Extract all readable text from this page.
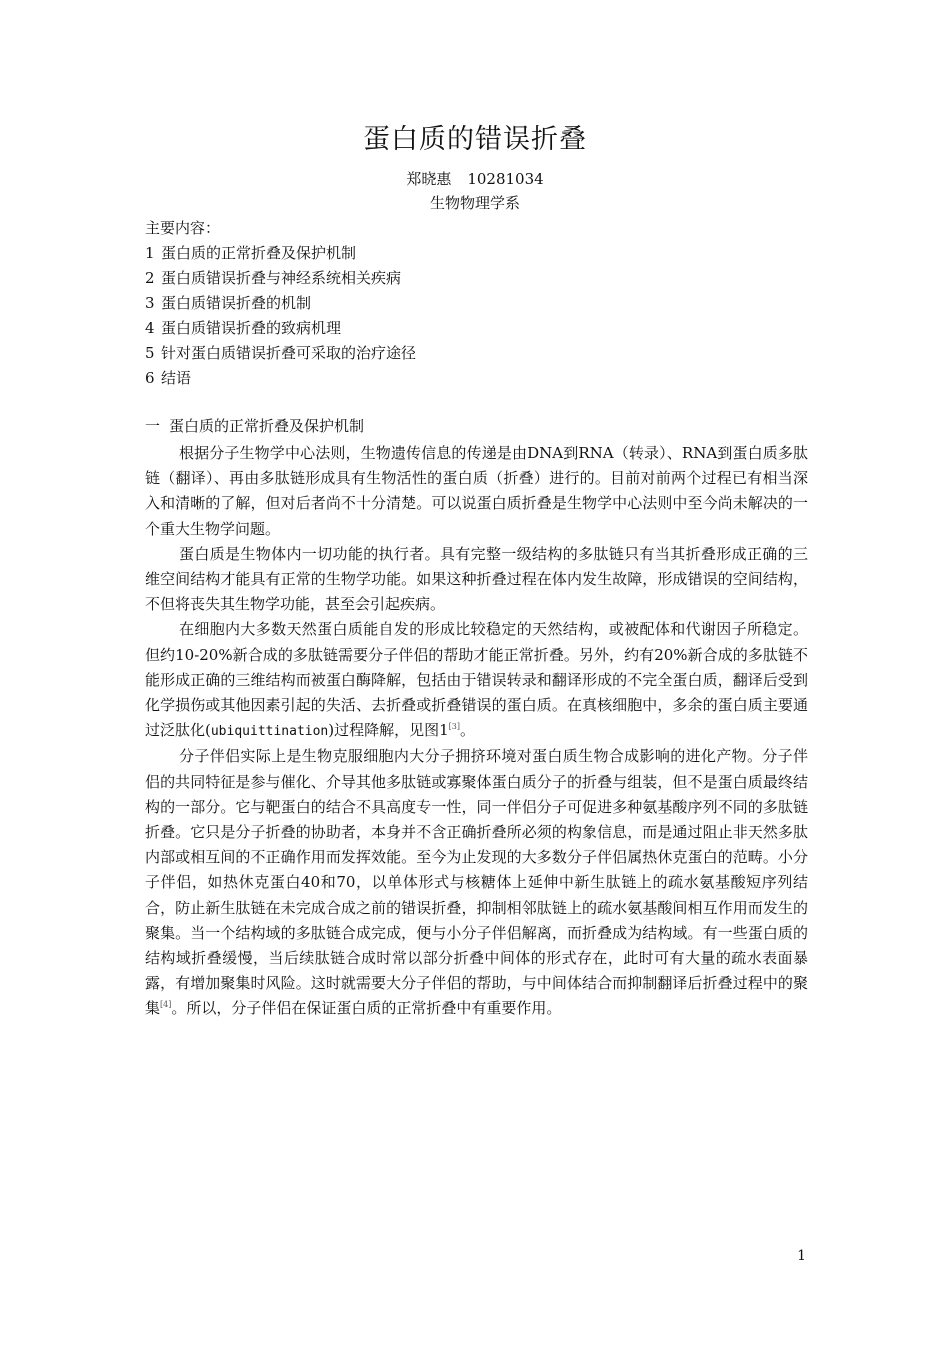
蛋白质的错误折叠
郑晓惠 10281034
生物物理学系
主要内容：
1 蛋白质的正常折叠及保护机制
2 蛋白质错误折叠与神经系统相关疾病
3 蛋白质错误折叠的机制
4 蛋白质错误折叠的致病机理
5 针对蛋白质错误折叠可采取的治疗途径
6 结语
一 蛋白质的正常折叠及保护机制

根据分子生物学中心法则，生物遗传信息的传递是由DNA到RNA（转录）、RNA到蛋白质多肽链（翻译）、再由多肽链形成具有生物活性的蛋白质（折叠）进行的。目前对前两个过程已有相当深入和清晰的了解，但对后者尚不十分清楚。可以说蛋白质折叠是生物学中心法则中至今尚未解决的一个重大生物学问题。

蛋白质是生物体内一切功能的执行者。具有完整一级结构的多肽链只有当其折叠形成正确的三维空间结构才能具有正常的生物学功能。如果这种折叠过程在体内发生故障，形成错误的空间结构，不但将丧失其生物学功能，甚至会引起疾病。

在细胞内大多数天然蛋白质能自发的形成比较稳定的天然结构，或被配体和代谢因子所稳定。但约10-20%新合成的多肽链需要分子伴侣的帮助才能正常折叠。另外，约有20%新合成的多肽链不能形成正确的三维结构而被蛋白酶降解，包括由于错误转录和翻译形成的不完全蛋白质，翻译后受到化学损伤或其他因素引起的失活、去折叠或折叠错误的蛋白质。在真核细胞中，多余的蛋白质主要通过泛肽化(ubiquittination)过程降解，见图1[3]。

分子伴侣实际上是生物克服细胞内大分子拥挤环境对蛋白质生物合成影响的进化产物。分子伴侣的共同特征是参与催化、介导其他多肽链或寡聚体蛋白质分子的折叠与组装，但不是蛋白质最终结构的一部分。它与靶蛋白的结合不具高度专一性，同一伴侣分子可促进多种氨基酸序列不同的多肽链折叠。它只是分子折叠的协助者，本身并不含正确折叠所必须的构象信息，而是通过阻止非天然多肽内部或相互间的不正确作用而发挥效能。至今为止发现的大多数分子伴侣属热休克蛋白的范畴。小分子伴侣，如热休克蛋白40和70，以单体形式与核糖体上延伸中新生肽链上的疏水氨基酸短序列结合，防止新生肽链在未完成合成之前的错误折叠，抑制相邻肽链上的疏水氨基酸间相互作用而发生的聚集。当一个结构域的多肽链合成完成，便与小分子伴侣解离，而折叠成为结构域。有一些蛋白质的结构域折叠缓慢，当后续肽链合成时常以部分折叠中间体的形式存在，此时可有大量的疏水表面暴露，有增加聚集时风险。这时就需要大分子伴侣的帮助，与中间体结合而抑制翻译后折叠过程中的聚集[4]。所以，分子伴侣在保证蛋白质的正常折叠中有重要作用。

1
